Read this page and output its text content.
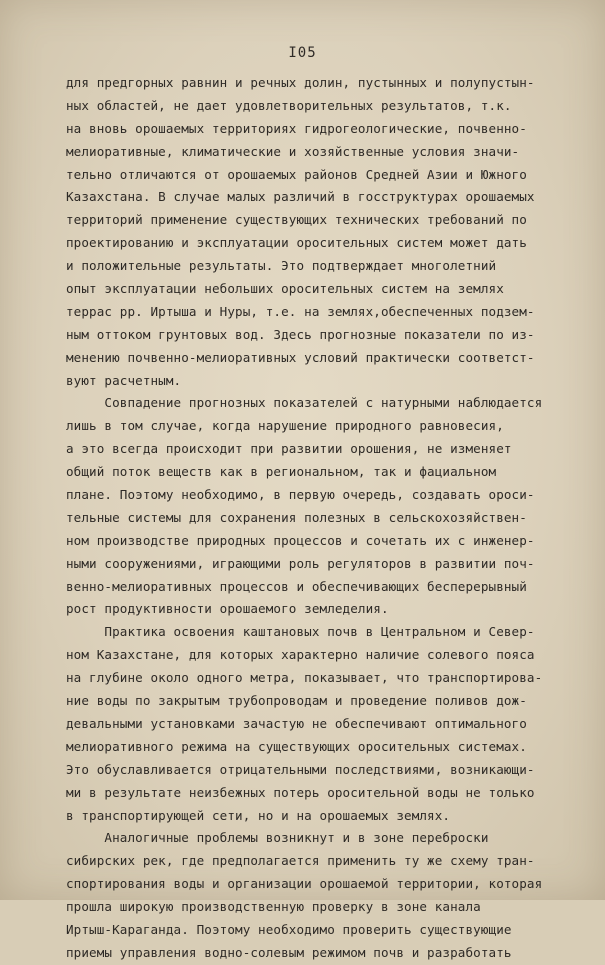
I05
для предгорных равнин и речных долин, пустынных и полупустын-
ных областей, не дает удовлетворительных результатов, т.к.
на вновь орошаемых территориях гидрогеологические, почвенно-
мелиоративные, климатические и хозяйственные условия значи-
тельно отличаются от орошаемых районов Средней Азии и Южного
Казахстана. В случае малых различий в госструктурах орошаемых
территорий применение существующих технических требований по
проектированию и эксплуатации оросительных систем может дать
и положительные результаты. Это подтверждает многолетний
опыт эксплуатации небольших оросительных систем на землях
террас рр. Иртыша и Нуры, т.е. на землях,обеспеченных подзем-
ным оттоком грунтовых вод. Здесь прогнозные показатели по из-
менению почвенно-мелиоративных условий практически соответст-
вуют расчетным.
Совпадение прогнозных показателей с натурными наблюдается
лишь в том случае, когда нарушение природного равновесия,
а это всегда происходит при развитии орошения, не изменяет
общий поток веществ как в региональном, так и фациальном
плане. Поэтому необходимо, в первую очередь, создавать ороси-
тельные системы для сохранения полезных в сельскохозяйствен-
ном производстве природных процессов и сочетать их с инженер-
ными сооружениями, играющими роль регуляторов в развитии поч-
венно-мелиоративных процессов и обеспечивающих бесперерывный
рост продуктивности орошаемого земледелия.
Практика освоения каштановых почв в Центральном и Север-
ном Казахстане, для которых характерно наличие солевого пояса
на глубине около одного метра, показывает, что транспортирова-
ние воды по закрытым трубопроводам и проведение поливов дож-
девальными установками зачастую не обеспечивают оптимального
мелиоративного режима на существующих оросительных системах.
Это обуславливается отрицательными последствиями, возникающи-
ми в результате неизбежных потерь оросительной воды не только
в транспортирующей сети, но и на орошаемых землях.
Аналогичные проблемы возникнут и в зоне переброски
сибирских рек, где предполагается применить ту же схему тран-
спортирования воды и организации орошаемой территории, которая
прошла широкую производственную проверку в зоне канала
Иртыш-Караганда. Поэтому необходимо проверить существующие
приемы управления водно-солевым режимом почв и разработать
